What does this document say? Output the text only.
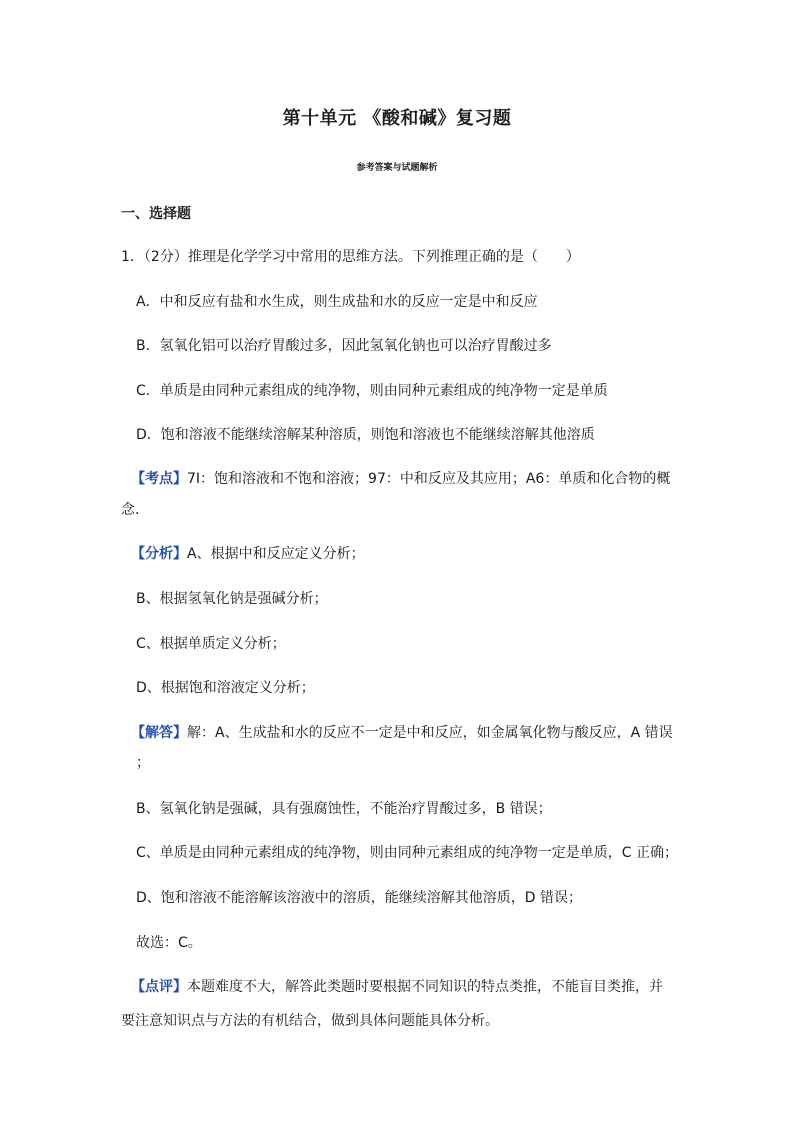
第十单元 《酸和碱》复习题
参考答案与试题解析
一、选择题
1．（2分）推理是化学学习中常用的思维方法。下列推理正确的是（　　）
A．中和反应有盐和水生成，则生成盐和水的反应一定是中和反应
B．氢氧化铝可以治疗胃酸过多，因此氢氧化钠也可以治疗胃酸过多
C．单质是由同种元素组成的纯净物，则由同种元素组成的纯净物一定是单质
D．饱和溶液不能继续溶解某种溶质，则饱和溶液也不能继续溶解其他溶质
【考点】7I：饱和溶液和不饱和溶液；97：中和反应及其应用；A6：单质和化合物的概
念．
【分析】A、根据中和反应定义分析；
B、根据氢氧化钠是强碱分析；
C、根据单质定义分析；
D、根据饱和溶液定义分析；
【解答】解：A、生成盐和水的反应不一定是中和反应，如金属氧化物与酸反应，A 错误
；
B、氢氧化钠是强碱，具有强腐蚀性，不能治疗胃酸过多，B 错误；
C、单质是由同种元素组成的纯净物，则由同种元素组成的纯净物一定是单质，C 正确；
D、饱和溶液不能溶解该溶液中的溶质，能继续溶解其他溶质，D 错误；
故选：C。
【点评】本题难度不大，解答此类题时要根据不同知识的特点类推，不能盲目类推，并
要注意知识点与方法的有机结合，做到具体问题能具体分析。
